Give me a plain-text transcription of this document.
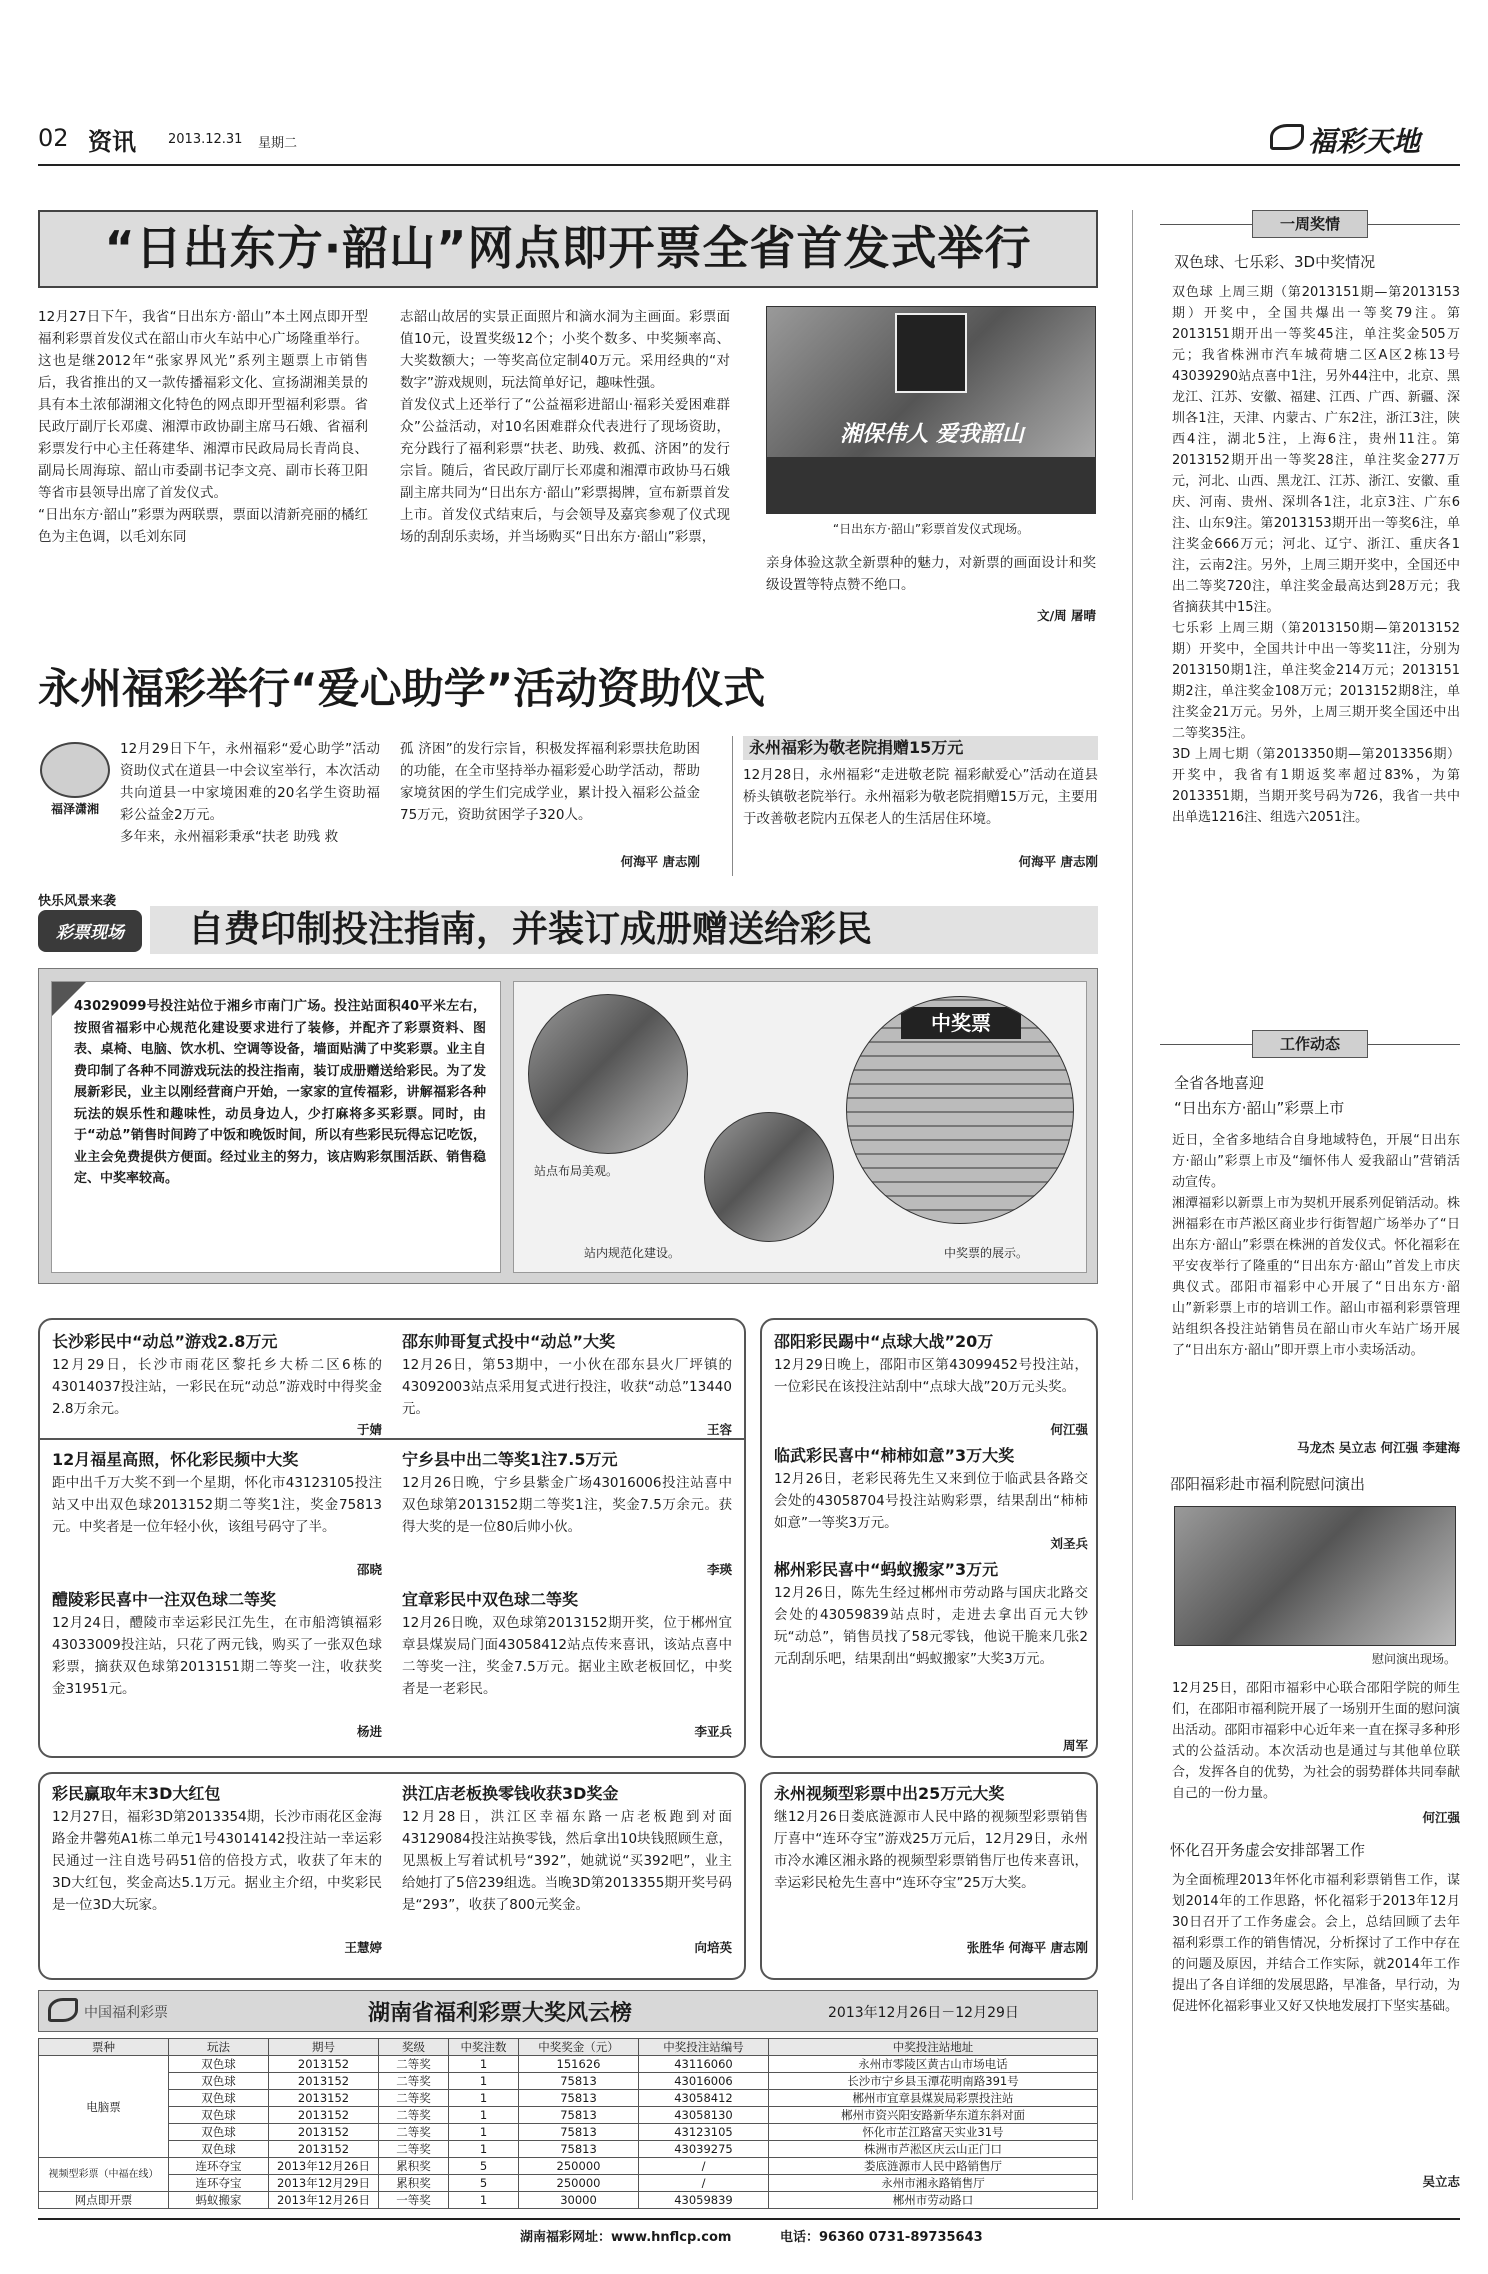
02 资讯 2013.12.31 星期二	福彩天地
“日出东方·韶山”网点即开票全省首发式举行
12月27日下午，我省“日出东方·韶山”本土网点即开型福利彩票首发仪式在韶山市火车站中心广场隆重举行。这也是继2012年“张家界风光”系列主题票上市销售后，我省推出的又一款传播福彩文化、宣扬湖湘美景的具有本土浓郁湖湘文化特色的网点即开型福利彩票。省民政厅副厅长邓虞、湘潭市政协副主席马石娥、省福利彩票发行中心主任蒋建华、湘潭市民政局局长青尚良、副局长周海琼、韶山市委副书记李文亮、副市长蒋卫阳等省市县领导出席了首发仪式。
“日出东方·韶山”彩票为两联票，票面以清新亮丽的橘红色为主色调，以毛刘东同
志韶山故居的实景正面照片和滴水洞为主画面。彩票面值10元，设置奖级12个；小奖个数多、中奖频率高、大奖数额大；一等奖高位定制40万元。采用经典的“对数字”游戏规则，玩法简单好记，趣味性强。
首发仪式上还举行了“公益福彩进韶山·福彩关爱困难群众”公益活动，对10名困难群众代表进行了现场资助，充分践行了福利彩票“扶老、助残、救孤、济困”的发行宗旨。随后，省民政厅副厅长邓虞和湘潭市政协马石娥副主席共同为“日出东方·韶山”彩票揭牌，宣布新票首发上市。首发仪式结束后，与会领导及嘉宾参观了仪式现场的刮刮乐卖场，并当场购买“日出东方·韶山”彩票，
湘保伟人 爱我韶山
“日出东方·韶山”彩票首发仪式现场。
亲身体验这款全新票种的魅力，对新票的画面设计和奖级设置等特点赞不绝口。
文/周 屠晴
永州福彩举行“爱心助学”活动资助仪式
福泽潇湘
12月29日下午，永州福彩“爱心助学”活动资助仪式在道县一中会议室举行，本次活动共向道县一中家境困难的20名学生资助福彩公益金2万元。
多年来，永州福彩秉承“扶老 助残 救
孤 济困”的发行宗旨，积极发挥福利彩票扶危助困的功能，在全市坚持举办福彩爱心助学活动，帮助家境贫困的学生们完成学业，累计投入福彩公益金75万元，资助贫困学子320人。
何海平 唐志刚
永州福彩为敬老院捐赠15万元
12月28日，永州福彩“走进敬老院 福彩献爱心”活动在道县桥头镇敬老院举行。永州福彩为敬老院捐赠15万元，主要用于改善敬老院内五保老人的生活居住环境。
何海平 唐志刚
快乐风景来袭
彩票现场	自费印制投注指南，并装订成册赠送给彩民
43029099号投注站位于湘乡市南门广场。投注站面积40平米左右，按照省福彩中心规范化建设要求进行了装修，并配齐了彩票资料、图表、桌椅、电脑、饮水机、空调等设备，墙面贴满了中奖彩票。业主自费印制了各种不同游戏玩法的投注指南，装订成册赠送给彩民。为了发展新彩民，业主以刚经营商户开始，一家家的宣传福彩，讲解福彩各种玩法的娱乐性和趣味性，动员身边人，少打麻将多买彩票。同时，由于“动总”销售时间跨了中饭和晚饭时间，所以有些彩民玩得忘记吃饭，业主会免费提供方便面。经过业主的努力，该店购彩氛围活跃、销售稳定、中奖率较高。	站点布局美观。
站内规范化建设。
中奖票
中奖票的展示。
长沙彩民中“动总”游戏2.8万元
12月29日，长沙市雨花区黎托乡大桥二区6栋的43014037投注站，一彩民在玩“动总”游戏时中得奖金2.8万余元。
于婧
邵东帅哥复式投中“动总”大奖
12月26日，第53期中，一小伙在邵东县火厂坪镇的43092003站点采用复式进行投注，收获“动总”13440元。
王容
12月福星高照，怀化彩民频中大奖
距中出千万大奖不到一个星期，怀化市43123105投注站又中出双色球2013152期二等奖1注，奖金75813元。中奖者是一位年轻小伙，该组号码守了半。
邵晓
宁乡县中出二等奖1注7.5万元
12月26日晚，宁乡县紫金广场43016006投注站喜中双色球第2013152期二等奖1注，奖金7.5万余元。获得大奖的是一位80后帅小伙。
李瑛
醴陵彩民喜中一注双色球二等奖
12月24日，醴陵市幸运彩民江先生，在市船湾镇福彩43033009投注站，只花了两元钱，购买了一张双色球彩票，摘获双色球第2013151期二等奖一注，收获奖金31951元。
杨进
宜章彩民中双色球二等奖
12月26日晚，双色球第2013152期开奖，位于郴州宜章县煤炭局门面43058412站点传来喜讯，该站点喜中二等奖一注，奖金7.5万元。据业主欧老板回忆，中奖者是一老彩民。
李亚兵
邵阳彩民踢中“点球大战”20万
12月29日晚上，邵阳市区第43099452号投注站，一位彩民在该投注站刮中“点球大战”20万元头奖。
何江强
临武彩民喜中“柿柿如意”3万大奖
12月26日，老彩民蒋先生又来到位于临武县各路交会处的43058704号投注站购彩票，结果刮出“柿柿如意”一等奖3万元。
刘圣兵
郴州彩民喜中“蚂蚁搬家”3万元
12月26日，陈先生经过郴州市劳动路与国庆北路交会处的43059839站点时，走进去拿出百元大钞玩“动总”，销售员找了58元零钱，他说干脆来几张2元刮刮乐吧，结果刮出“蚂蚁搬家”大奖3万元。
周军
彩民赢取年末3D大红包
12月27日，福彩3D第2013354期，长沙市雨花区金海路金井馨苑A1栋二单元1号43014142投注站一幸运彩民通过一注自选号码51倍的倍投方式，收获了年末的3D大红包，奖金高达5.1万元。据业主介绍，中奖彩民是一位3D大玩家。
王慧婷
洪江店老板换零钱收获3D奖金
12月28日，洪江区幸福东路一店老板跑到对面43129084投注站换零钱，然后拿出10块钱照顾生意，见黑板上写着试机号“392”，她就说“买392吧”，业主给她打了5倍239组选。当晚3D第2013355期开奖号码是“293”，收获了800元奖金。
向培英
永州视频型彩票中出25万元大奖
继12月26日娄底涟源市人民中路的视频型彩票销售厅喜中“连环夺宝”游戏25万元后，12月29日，永州市冷水滩区湘永路的视频型彩票销售厅也传来喜讯，幸运彩民枪先生喜中“连环夺宝”25万大奖。
张胜华 何海平 唐志刚
中国福利彩票	湖南省福利彩票大奖风云榜	2013年12月26日－12月29日
票种	玩法	期号	奖级	中奖注数	中奖奖金（元）	中奖投注站编号	中奖投注站地址
电脑票	双色球	2013152	二等奖	1	151626	43116060	永州市零陵区黄古山市场电话
	双色球	2013152	二等奖	1	75813	43016006	长沙市宁乡县玉潭花明南路391号
	双色球	2013152	二等奖	1	75813	43058412	郴州市宜章县煤炭局彩票投注站
	双色球	2013152	二等奖	1	75813	43058130	郴州市资兴阳安路新华东道东斜对面
	双色球	2013152	二等奖	1	75813	43123105	怀化市芷江路富天实业31号
	双色球	2013152	二等奖	1	75813	43039275	株洲市芦淞区庆云山正门口
视频型彩票（中福在线）	连环夺宝	2013年12月26日	累积奖	5	250000	/	娄底涟源市人民中路销售厅
	连环夺宝	2013年12月29日	累积奖	5	250000	/	永州市湘永路销售厅
网点即开票	蚂蚁搬家	2013年12月26日	一等奖	1	30000	43059839	郴州市劳动路口
一周奖情
双色球、七乐彩、3D中奖情况
双色球 上周三期（第2013151期—第2013153期）开奖中，全国共爆出一等奖79注。第2013151期开出一等奖45注，单注奖金505万元；我省株洲市汽车城荷塘二区A区2栋13号43039290站点喜中1注，另外44注中，北京、黑龙江、江苏、安徽、福建、江西、广西、新疆、深圳各1注，天津、内蒙古、广东2注，浙江3注，陕西4注，湖北5注，上海6注，贵州11注。第2013152期开出一等奖28注，单注奖金277万元，河北、山西、黑龙江、江苏、浙江、安徽、重庆、河南、贵州、深圳各1注，北京3注、广东6注、山东9注。第2013153期开出一等奖6注，单注奖金666万元；河北、辽宁、浙江、重庆各1注，云南2注。另外，上周三期开奖中，全国还中出二等奖720注，单注奖金最高达到28万元；我省摘获其中15注。
七乐彩 上周三期（第2013150期—第2013152期）开奖中，全国共计中出一等奖11注，分别为2013150期1注，单注奖金214万元；2013151期2注，单注奖金108万元；2013152期8注，单注奖金21万元。另外，上周三期开奖全国还中出二等奖35注。
3D 上周七期（第2013350期—第2013356期）开奖中，我省有1期返奖率超过83%，为第2013351期，当期开奖号码为726，我省一共中出单选1216注、组选六2051注。
工作动态
全省各地喜迎
“日出东方·韶山”彩票上市
近日，全省多地结合自身地域特色，开展“日出东方·韶山”彩票上市及“缅怀伟人 爱我韶山”营销活动宣传。
湘潭福彩以新票上市为契机开展系列促销活动。株洲福彩在市芦淞区商业步行街智超广场举办了“日出东方·韶山”彩票在株洲的首发仪式。怀化福彩在平安夜举行了隆重的“日出东方·韶山”首发上市庆典仪式。邵阳市福彩中心开展了“日出东方·韶山”新彩票上市的培训工作。韶山市福利彩票管理站组织各投注站销售员在韶山市火车站广场开展了“日出东方·韶山”即开票上市小卖场活动。
马龙杰 吴立志 何江强 李建海
邵阳福彩赴市福利院慰问演出
慰问演出现场。
12月25日，邵阳市福彩中心联合邵阳学院的师生们，在邵阳市福利院开展了一场别开生面的慰问演出活动。邵阳市福彩中心近年来一直在探寻多种形式的公益活动。本次活动也是通过与其他单位联合，发挥各自的优势，为社会的弱势群体共同奉献自己的一份力量。
何江强
怀化召开务虚会安排部署工作
为全面梳理2013年怀化市福利彩票销售工作，谋划2014年的工作思路，怀化福彩于2013年12月30日召开了工作务虚会。会上，总结回顾了去年福利彩票工作的销售情况，分析探讨了工作中存在的问题及原因，并结合工作实际，就2014年工作提出了各自详细的发展思路，早准备，早行动，为促进怀化福彩事业又好又快地发展打下坚实基础。
吴立志
湖南福彩网址：www.hnflcp.com	电话：96360 0731-89735643
